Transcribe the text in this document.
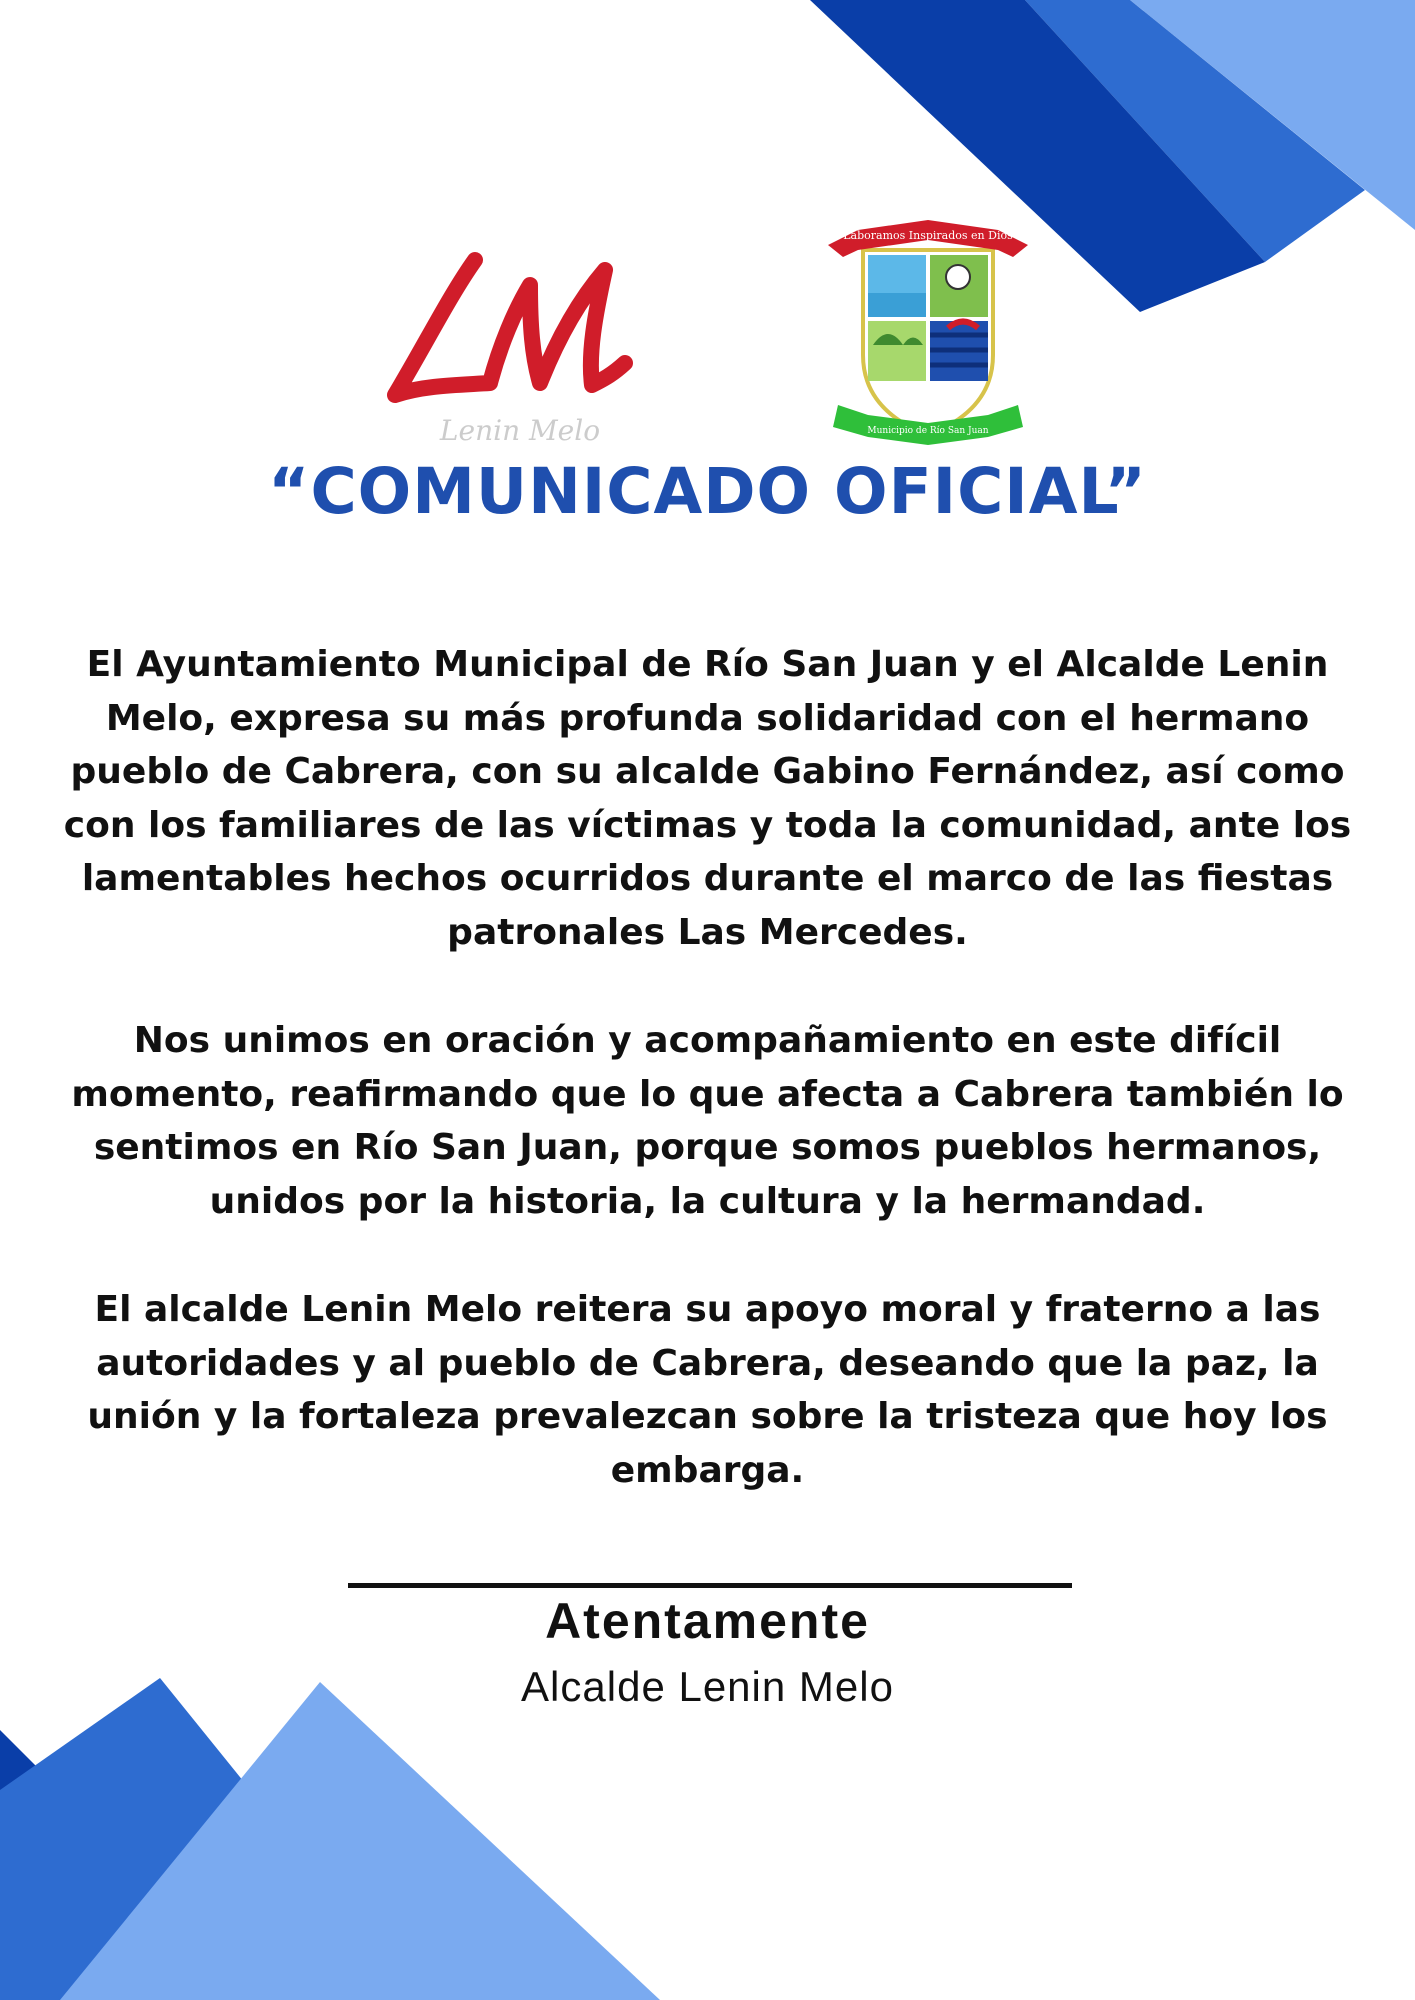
Lenin Melo
Laboramos Inspirados en Dios
Municipio de Río San Juan
“COMUNICADO OFICIAL”

El Ayuntamiento Municipal de Río San Juan y el Alcalde Lenin Melo, expresa su más profunda solidaridad con el hermano pueblo de Cabrera, con su alcalde Gabino Fernández, así como con los familiares de las víctimas y toda la comunidad, ante los lamentables hechos ocurridos durante el marco de las fiestas patronales Las Mercedes.

Nos unimos en oración y acompañamiento en este difícil momento, reafirmando que lo que afecta a Cabrera también lo sentimos en Río San Juan, porque somos pueblos hermanos, unidos por la historia, la cultura y la hermandad.

El alcalde Lenin Melo reitera su apoyo moral y fraterno a las autoridades y al pueblo de Cabrera, deseando que la paz, la unión y la fortaleza prevalezcan sobre la tristeza que hoy los embarga.

Atentamente
Alcalde Lenin Melo
